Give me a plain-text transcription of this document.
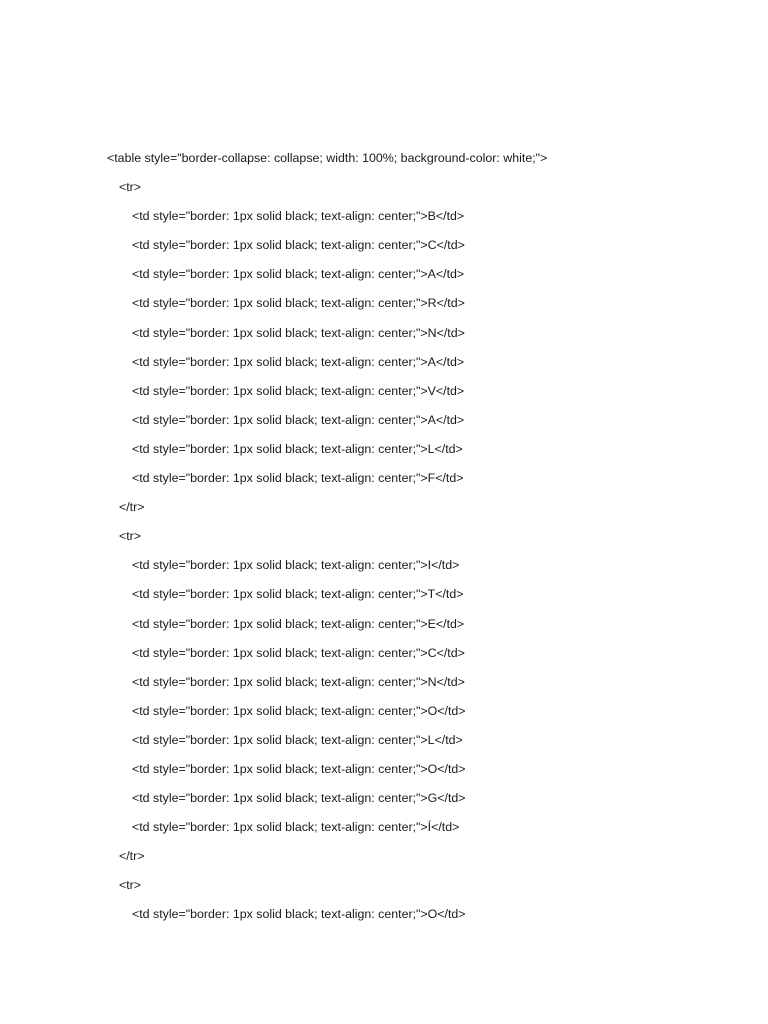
<table style="border-collapse: collapse; width: 100%; background-color: white;">
<tr>
<td style="border: 1px solid black; text-align: center;">B</td>
<td style="border: 1px solid black; text-align: center;">C</td>
<td style="border: 1px solid black; text-align: center;">A</td>
<td style="border: 1px solid black; text-align: center;">R</td>
<td style="border: 1px solid black; text-align: center;">N</td>
<td style="border: 1px solid black; text-align: center;">A</td>
<td style="border: 1px solid black; text-align: center;">V</td>
<td style="border: 1px solid black; text-align: center;">A</td>
<td style="border: 1px solid black; text-align: center;">L</td>
<td style="border: 1px solid black; text-align: center;">F</td>
</tr>
<tr>
<td style="border: 1px solid black; text-align: center;">I</td>
<td style="border: 1px solid black; text-align: center;">T</td>
<td style="border: 1px solid black; text-align: center;">E</td>
<td style="border: 1px solid black; text-align: center;">C</td>
<td style="border: 1px solid black; text-align: center;">N</td>
<td style="border: 1px solid black; text-align: center;">O</td>
<td style="border: 1px solid black; text-align: center;">L</td>
<td style="border: 1px solid black; text-align: center;">O</td>
<td style="border: 1px solid black; text-align: center;">G</td>
<td style="border: 1px solid black; text-align: center;">Í</td>
</tr>
<tr>
<td style="border: 1px solid black; text-align: center;">O</td>
